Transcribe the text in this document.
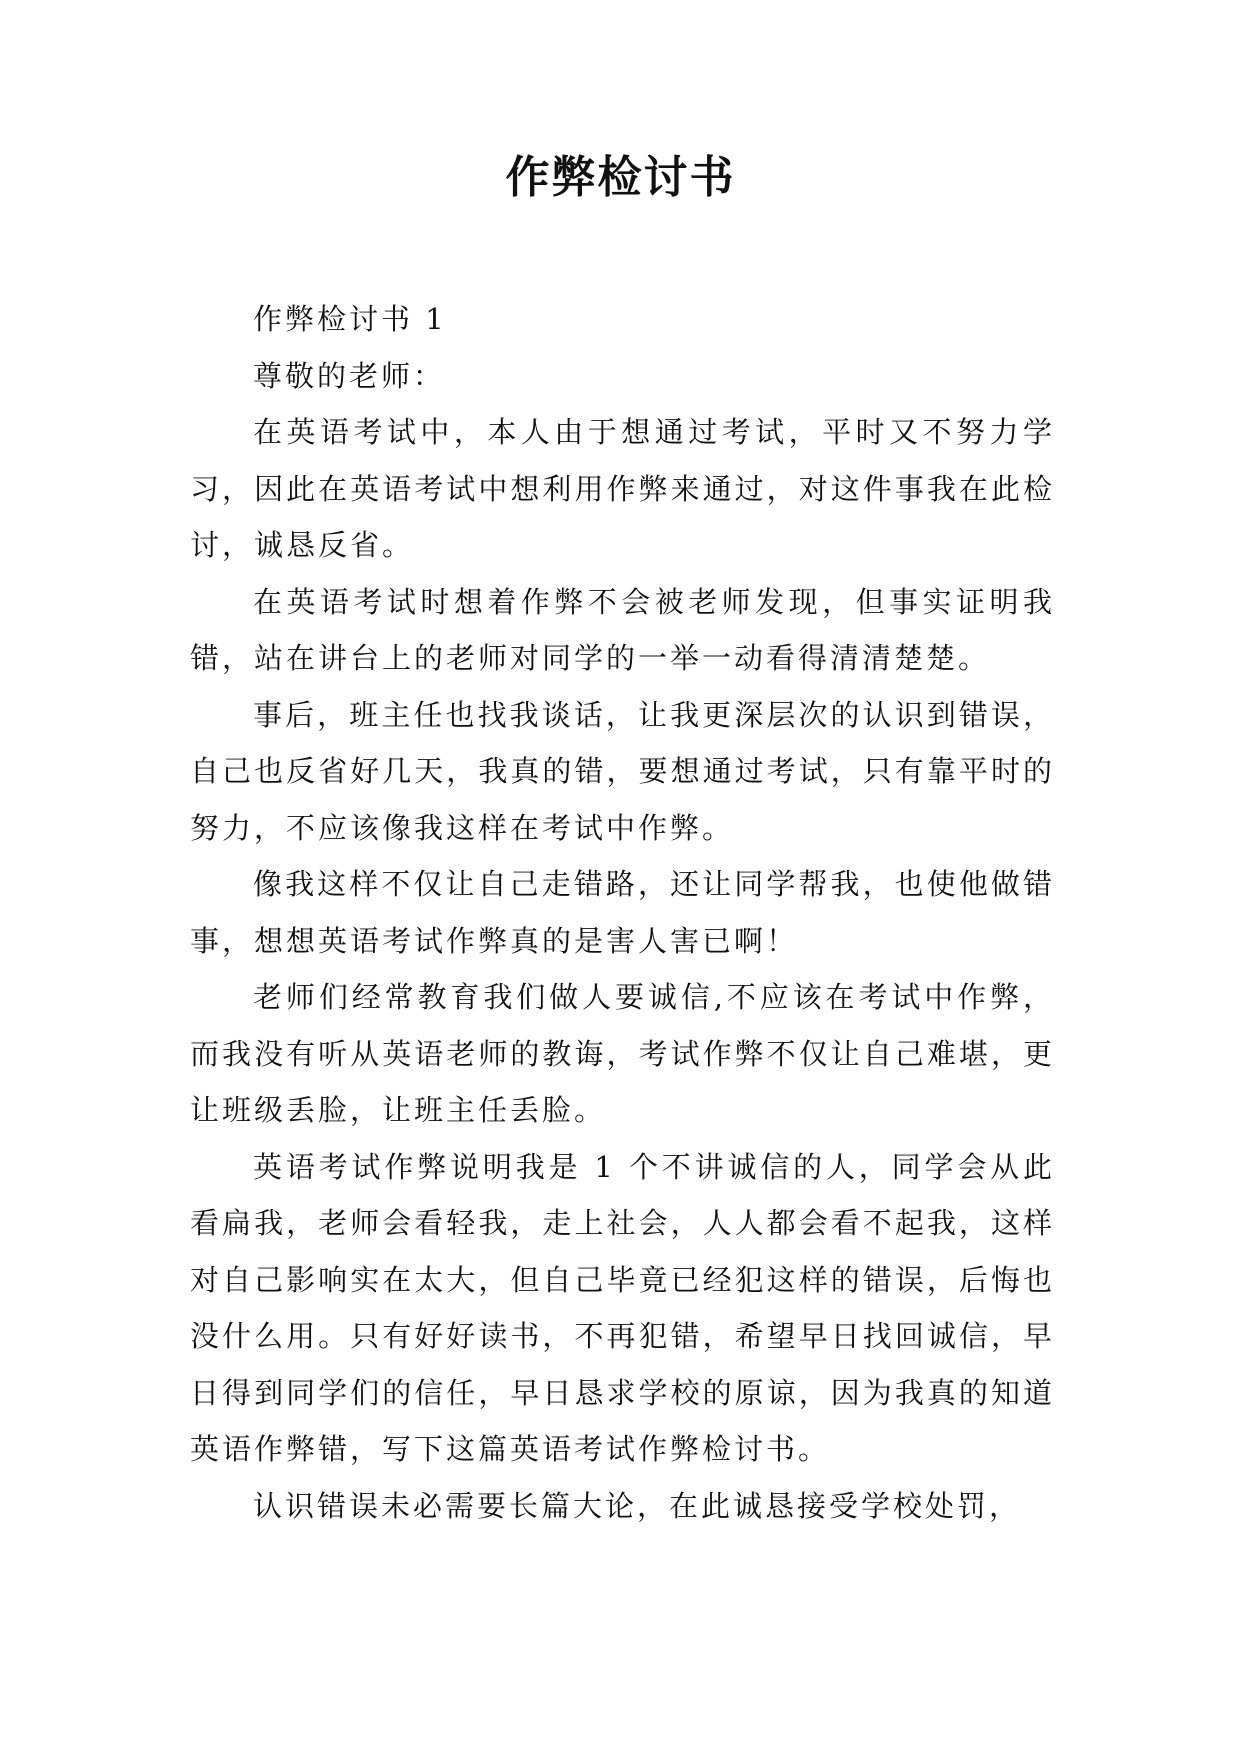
作弊检讨书

作弊检讨书 1

尊敬的老师：

在英语考试中，本人由于想通过考试，平时又不努力学习，因此在英语考试中想利用作弊来通过，对这件事我在此检讨，诚恳反省。

在英语考试时想着作弊不会被老师发现，但事实证明我错，站在讲台上的老师对同学的一举一动看得清清楚楚。

事后，班主任也找我谈话，让我更深层次的认识到错误，自己也反省好几天，我真的错，要想通过考试，只有靠平时的努力，不应该像我这样在考试中作弊。

像我这样不仅让自己走错路，还让同学帮我，也使他做错事，想想英语考试作弊真的是害人害已啊！

老师们经常教育我们做人要诚信,不应该在考试中作弊，而我没有听从英语老师的教诲，考试作弊不仅让自己难堪，更让班级丢脸，让班主任丢脸。

英语考试作弊说明我是 1 个不讲诚信的人，同学会从此看扁我，老师会看轻我，走上社会，人人都会看不起我，这样对自己影响实在太大，但自己毕竟已经犯这样的错误，后悔也没什么用。只有好好读书，不再犯错，希望早日找回诚信，早日得到同学们的信任，早日恳求学校的原谅，因为我真的知道英语作弊错，写下这篇英语考试作弊检讨书。

认识错误未必需要长篇大论，在此诚恳接受学校处罚，
